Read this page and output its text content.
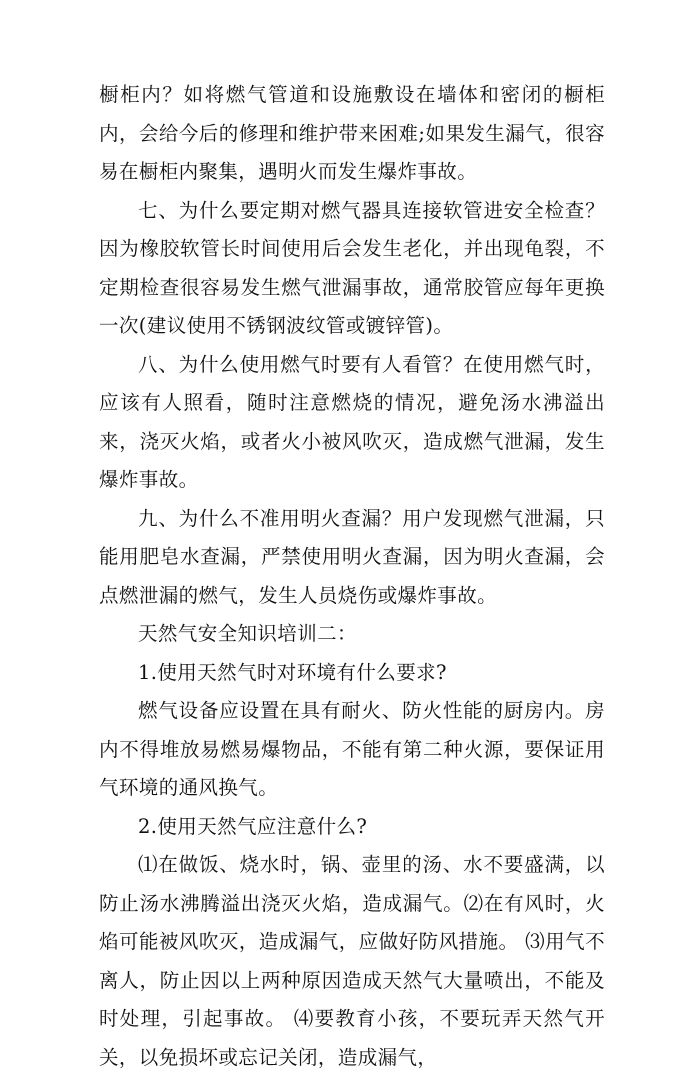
橱柜内？如将燃气管道和设施敷设在墙体和密闭的橱柜内，会给今后的修理和维护带来困难;如果发生漏气，很容易在橱柜内聚集，遇明火而发生爆炸事故。

七、为什么要定期对燃气器具连接软管进安全检查？因为橡胶软管长时间使用后会发生老化，并出现龟裂，不定期检查很容易发生燃气泄漏事故，通常胶管应每年更换一次(建议使用不锈钢波纹管或镀锌管)。

八、为什么使用燃气时要有人看管？在使用燃气时，应该有人照看，随时注意燃烧的情况，避免汤水沸溢出来，浇灭火焰，或者火小被风吹灭，造成燃气泄漏，发生爆炸事故。

九、为什么不准用明火查漏？用户发现燃气泄漏，只能用肥皂水查漏，严禁使用明火查漏，因为明火查漏，会点燃泄漏的燃气，发生人员烧伤或爆炸事故。

天然气安全知识培训二：

1.使用天然气时对环境有什么要求?

燃气设备应设置在具有耐火、防火性能的厨房内。房内不得堆放易燃易爆物品，不能有第二种火源，要保证用气环境的通风换气。

2.使用天然气应注意什么?

⑴在做饭、烧水时，锅、壶里的汤、水不要盛满，以防止汤水沸腾溢出浇灭火焰，造成漏气。⑵在有风时，火焰可能被风吹灭，造成漏气，应做好防风措施。 ⑶用气不离人，防止因以上两种原因造成天然气大量喷出，不能及时处理，引起事故。 ⑷要教育小孩，不要玩弄天然气开关，以免损坏或忘记关闭，造成漏气，
